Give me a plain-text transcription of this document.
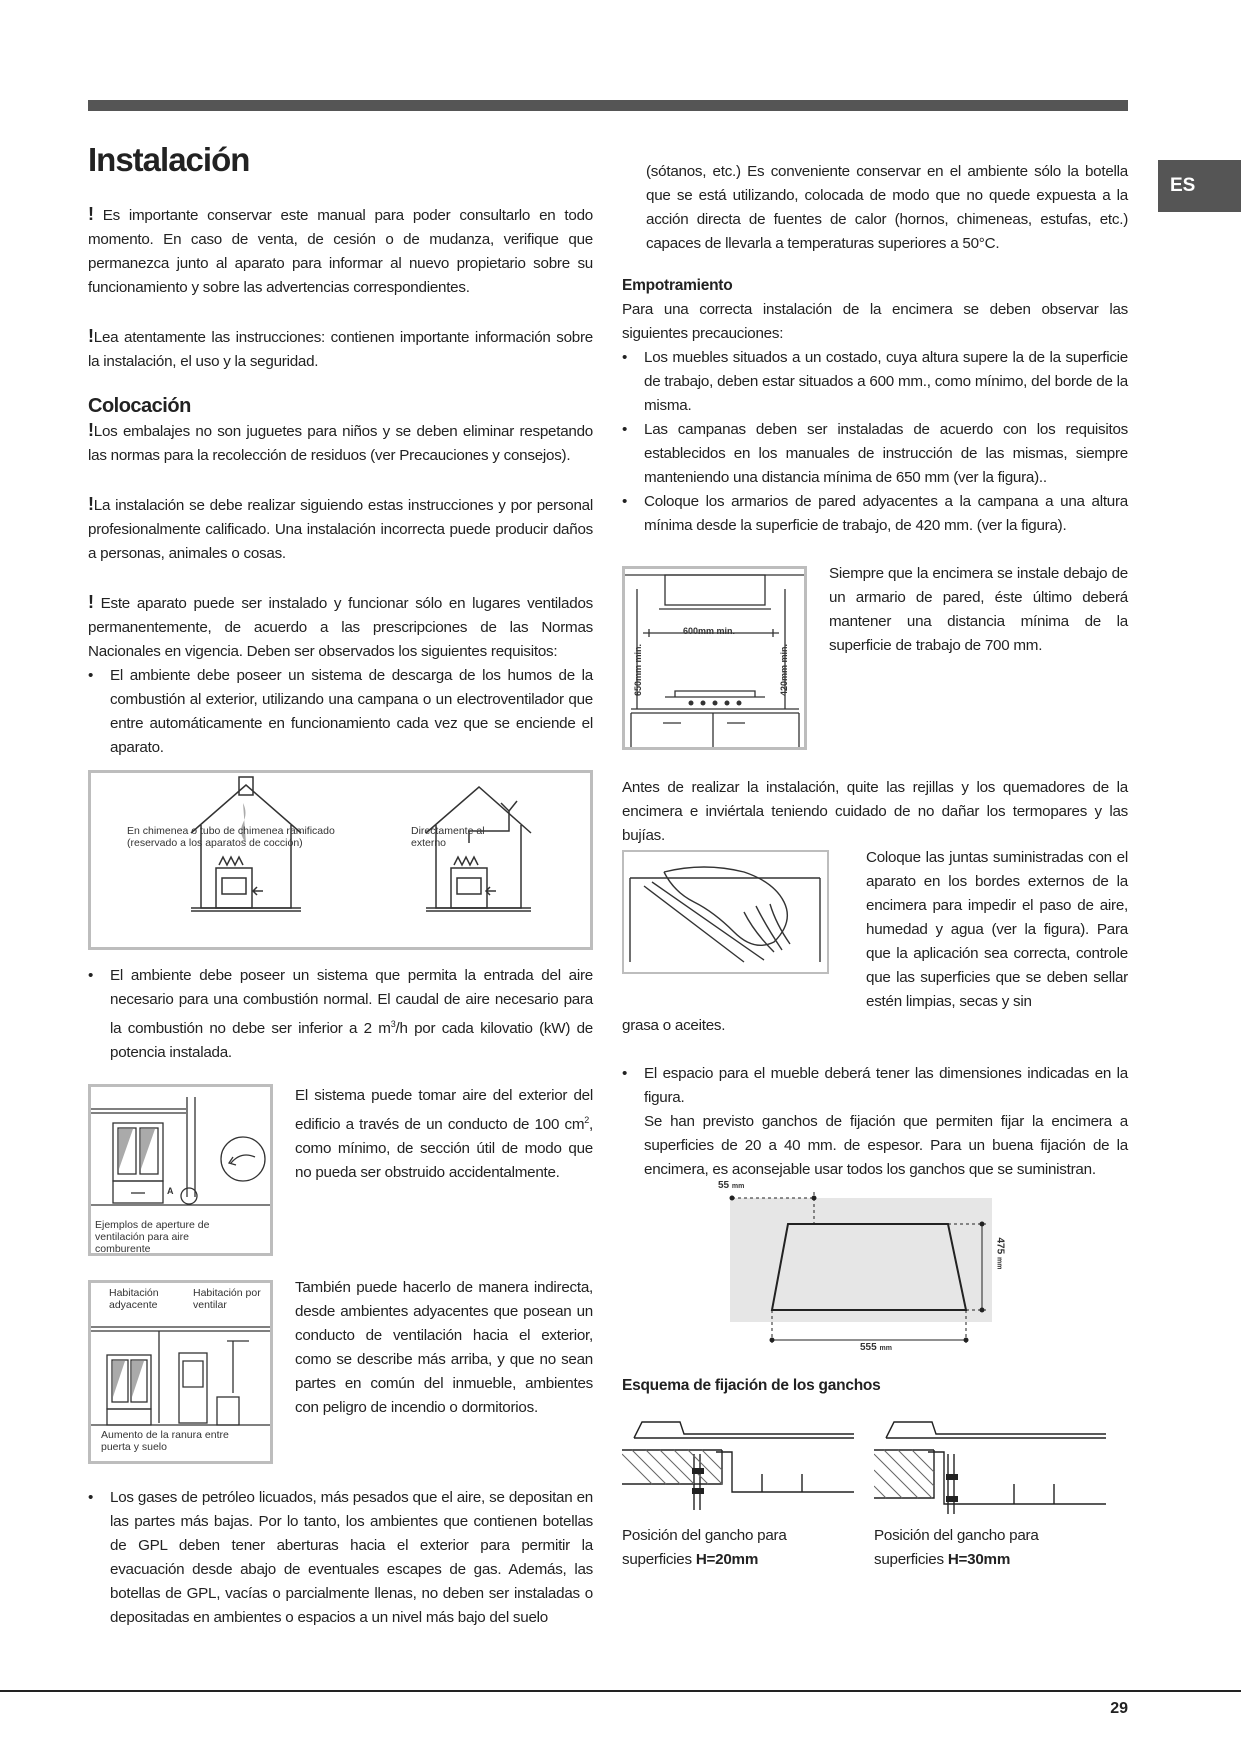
ES
Instalación

! Es importante conservar este manual para poder consultarlo en todo momento. En caso de venta, de cesión o de mudanza, verifique que permanezca junto al aparato para informar al nuevo propietario sobre su funcionamiento y sobre las advertencias correspondientes.

!Lea atentamente las instrucciones: contienen importante información sobre la instalación, el uso y la seguridad.

Colocación

!Los embalajes no son juguetes para niños y se deben eliminar respetando las normas para la recolección de residuos (ver Precauciones y consejos).

!La instalación se debe realizar siguiendo estas instrucciones y por personal profesionalmente calificado. Una instalación incorrecta puede producir daños a personas, animales o cosas.

! Este aparato puede ser instalado y funcionar sólo en lugares ventilados permanentemente, de acuerdo a las prescripciones de las Normas Nacionales en vigencia. Deben ser observados los siguientes requisitos:

• El ambiente debe poseer un sistema de descarga de los humos de la combustión al exterior, utilizando una campana o un electroventilador que entre automáticamente en funcionamiento cada vez que se enciende el aparato.

En chimenea o tubo de chimenea ramificado (reservado a los aparatos de cocción)
Directamente al externo

• El ambiente debe poseer un sistema que permita la entrada del aire necesario para una combustión normal. El caudal de aire necesario para la combustión no debe ser inferior a 2 $m^3/h$ por cada kilovatio (kW) de potencia instalada.

A
Ejemplos de aperture de ventilación para aire comburente
El sistema puede tomar aire del exterior del edificio a través de un conducto de 100 $cm^2$, como mínimo, de sección útil de modo que no pueda ser obstruido accidentalmente.
Habitación adyacente
Habitación por ventilar
Aumento de la ranura entre puerta y suelo
También puede hacerlo de manera indirecta, desde ambientes adyacentes que posean un conducto de ventilación hacia el exterior, como se describe más arriba, y que no sean partes en común del inmueble, ambientes con peligro de incendio o dormitorios.

• Los gases de petróleo licuados, más pesados que el aire, se depositan en las partes más bajas. Por lo tanto, los ambientes que contienen botellas de GPL deben tener aberturas hacia el exterior para permitir la evacuación desde abajo de eventuales escapes de gas. Además, las botellas de GPL, vacías o parcialmente llenas, no deben ser instaladas o depositadas en ambientes o espacios a un nivel más bajo del suelo

(sótanos, etc.) Es conveniente conservar en el ambiente sólo la botella que se está utilizando, colocada de modo que no quede expuesta a la acción directa de fuentes de calor (hornos, chimeneas, estufas, etc.) capaces de llevarla a temperaturas superiores a 50°C.

Empotramiento

Para una correcta instalación de la encimera se deben observar las siguientes precauciones:

• Los muebles situados a un costado, cuya altura supere la de la superficie de trabajo, deben estar situados a 600 mm., como mínimo, del borde de la misma.

• Las campanas deben ser instaladas de acuerdo con los requisitos establecidos en los manuales de instrucción de las mismas, siempre manteniendo una distancia mínima de 650 mm (ver la figura)..

• Coloque los armarios de pared adyacentes a la campana a una altura mínima desde la superficie de trabajo, de 420 mm. (ver la figura).

600mm min.
650mm min.	420mm min.
Siempre que la encimera se instale debajo de un armario de pared, éste último deberá mantener una distancia mínima de la superficie de trabajo de 700 mm.

Antes de realizar la instalación, quite las rejillas y los quemadores de la encimera e inviértala teniendo cuidado de no dañar los termopares y las bujías.

Coloque las juntas suministradas con el aparato en los bordes externos de la encimera para impedir el paso de aire, humedad y agua (ver la figura). Para que la aplicación sea correcta, controle que las superficies que se deben sellar estén limpias, secas y sin

grasa o aceites.

• El espacio para el mueble deberá tener las dimensiones indicadas en la figura.
Se han previsto ganchos de fijación que permiten fijar la encimera a superficies de 20 a 40 mm. de espesor. Para un buena fijación de la encimera, es aconsejable usar todos los ganchos que se suministran.

55 mm
475 mm
555 mm
Esquema de fijación de los ganchos
Posición del gancho para superficies H=20mm
Posición del gancho para superficies H=30mm
29
